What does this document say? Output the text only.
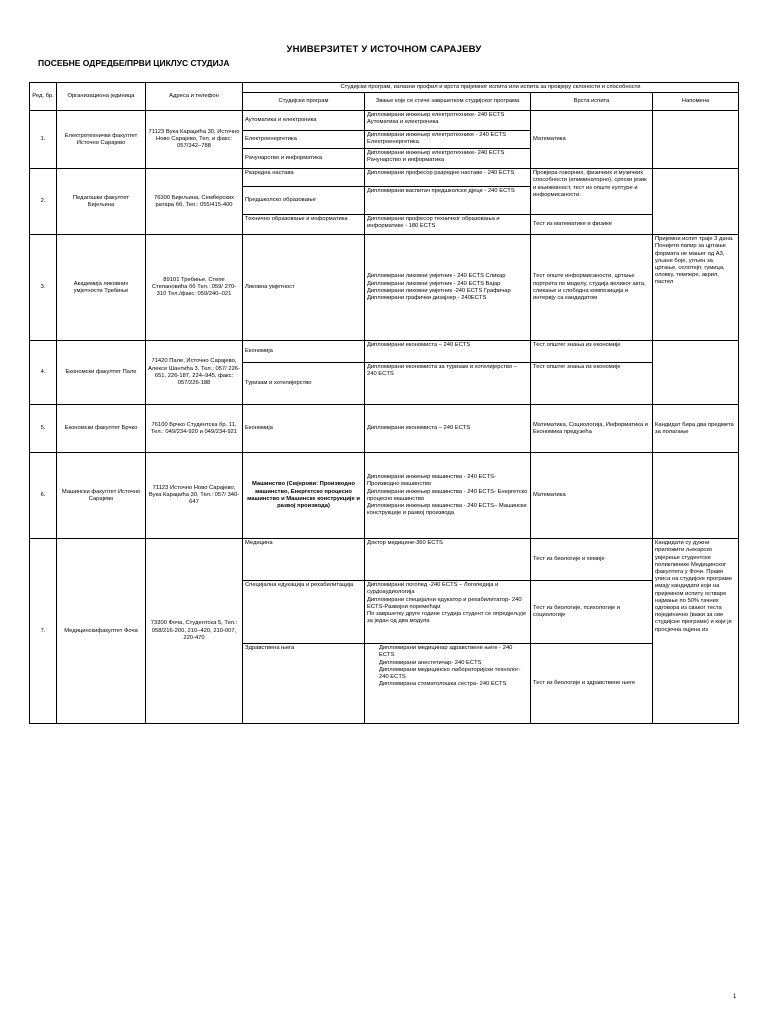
УНИВЕРЗИТЕТ У ИСТОЧНОМ САРАЈЕВУ
ПОСЕБНЕ ОДРЕДБЕ/ПРВИ ЦИКЛУС СТУДИЈА
Ред. бр.	Организациона јединица	Адреса и телефон	Студијски програм, излазни профил и врста пријемног испита или испита за провјеру склоности и способности			
			Студијски програм	Звање које се стиче завршетком студијског програма	Врста испита	Напомена
1.	Електротехнички факултет Источно Сарајево	71123 Вука Караџића 30, Источно Ново Сарајево, Тел. и факс: 057/342–788	Аутоматика и електроника	Дипломирани инжењер електротехнике- 240 ЕCTS Аутоматика и електроника	Математика	
			Електроенергетика	Дипломирани инжењер електротехнике - 240 ЕCTS Електроенергетика		
			Рачунарство и информатика	Дипломирани инжењер електротехнике- 240 ЕCTS Рачунарство и информатика		
2.	Педагошки факултет Бијељина	76300 Бијељина, Семберских ратара бб, Тел.: 055/415-400	Разредна настава	Дипломирани професор разредне наставе - 240 ЕCTS	Провјера говорних, физичких и музичких способности (елиминаторно), српски језик и књижевност, тест из опште културе и информисаности.	
			Предшколско образовање	Дипломирани васпитач предшколске дјеце - 240 ЕCTS		
			Технично образовање и информатика	Дипломирани професор техничког образовања и информатике - 180 ЕCTS	Тест из математике и физике	
3.	Академија ликовних умјетности Требиње	89101 Требиње, Степе Степановића бб Тел.: 059/ 270-310 Тел./факс: 059/240–021	Ликовна умјетност	Дипломирани ликовни умјетник - 240 ЕCTS Сликар
Дипломирани ликовни умјетник - 240 ЕCTS Вајар
Дипломирани ликовни умјетник -240 ЕCTS Графичар
Дипломирани графички дизајнер - 240ЕCTS	Тест опште информисаности, цртање портрета по моделу, студија великог акта, сликање и слободна композиција и интервју са кандидатом	Пријемни испит траје 3 дана. Понијети папир за цртање формата не мањег од А3, уљане боје, угљен за цртање, селотејп, гумица, оловку, темпере, акрил, пастел
4.	Економски факултет Пале	71420 Пале, Источно Сарајево, Алексе Шантића 3, Тел.: 057/ 226-651, 226-187, 224–945, факс: 057/226-188	Економија	Дипломирани економиста – 240 ЕCTS	Тест општег знања из економије	
			Туризам и хотелијерство	Дипломирани економиста за туризам и хотелијерство – 240 ЕCTS	Тест општег знања из економије	
5.	Економски факултет Брчко	76100 Брчко Студентска бр. 11, Тел.: 049/234-920 и 049/234-921	Економија	Дипломирани економиста – 240 ЕCTS	Математика, Социологија, Информатика и Економика предузећа	Кандидат бира два предмета за полагање
6.	Машински факултет Источно Сарајево	71123 Источно Ново Сарајево, Вука Караџића 30, Тел.: 057/ 340-647	Машинство (Смјерови: Производно машинство, Енергетско процесно машинство и Машинске конструкције и развој производа)	Дипломирани инжењер машинства - 240 ЕCTS- Производно машинство
Дипломирани инжењер машинства - 240 ЕCTS- Енергетско процесно машинство
Дипломирани инжењер машинства - 240 ЕCTS– Машинске конструкције и развој производа	Математика	
7.	Медицинскифакултет Фоча	73300 Фоча, Студентска 5, Тел.: 058/216-200, 210–420, 210-007, 220-470	Медицина	Доктор медицине-360 ЕCTS	Тест из биологије и хемије	Кандидати су дужни приложити љекарско увјерење студентске поликлинике Медицинског факултета у Фочи. Право уписа на студијске програме имају кандидати који на пријемном испиту остваре најмање по 50% тачних одговора из сваког теста појединачно (важи за све студијске програме) и који је просјечна оцјена из
			Специјална едукација и рехабилитација	Дипломирани логопед -240 ЕCTS – Логопедија и сурдоаудиологија
Дипломирани специјални едукатор и рехабилитатор- 240 ЕCTS-Развојни поремећаји
По завршетку друге године студија студент се опредјељује за један од два модула	Тест из биологије, психологије и социологије	
			Здравствена њега	Дипломирани медицинар здравствене његе - 240 ЕCTS
Дипломирани анестетичар- 240 ЕCTS
Дипломирани медицинско лабораторијски технолог- 240 ЕCTS
Дипломирана стоматолошка сестра- 240 ЕCTS	Тест из биологије и здравствене његе	
1
